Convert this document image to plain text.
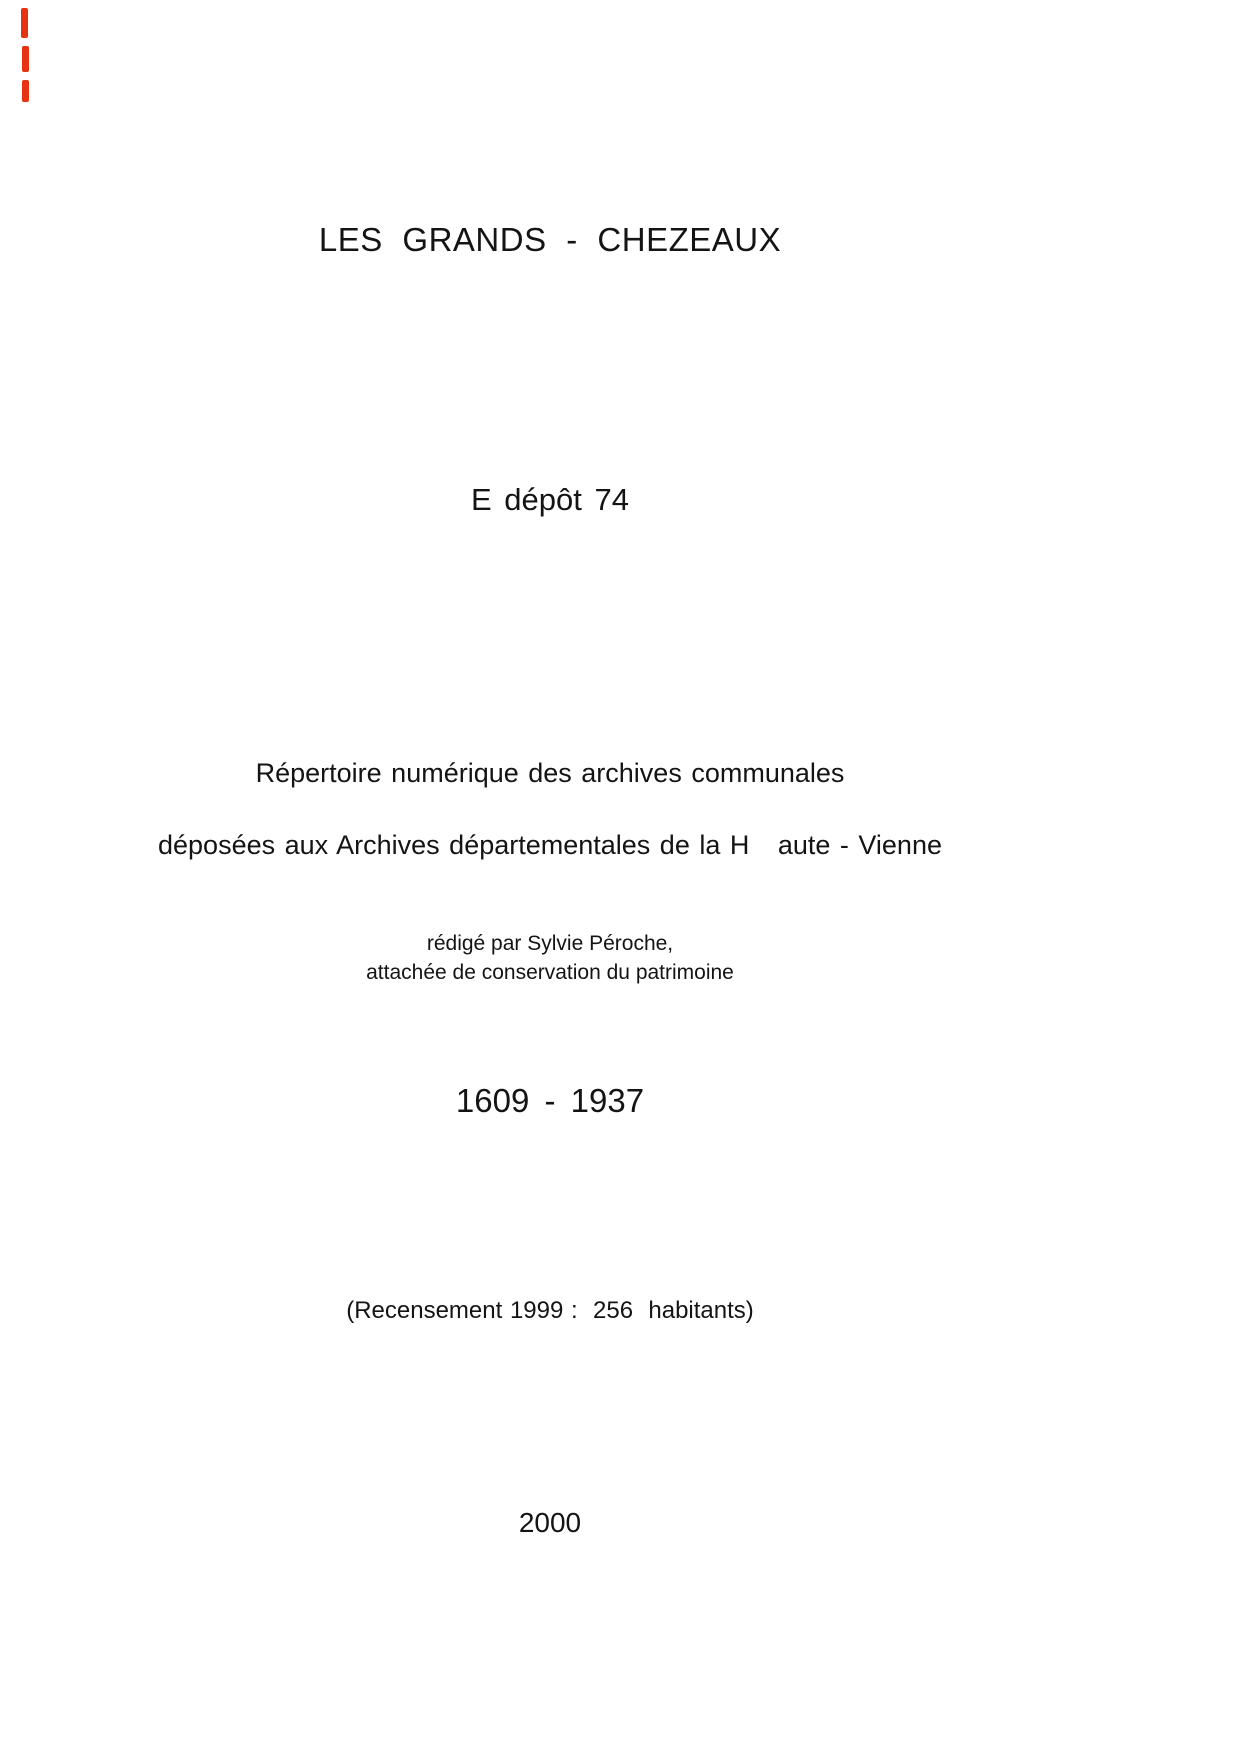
LES GRANDS - CHEZEAUX
E dépôt 74
Répertoire numérique des archives communales
déposées aux Archives départementales de la H   aute - Vienne
rédigé par Sylvie Péroche,
attachée de conservation du patrimoine
1609 - 1937
(Recensement 1999 :  256  habitants)
2000
